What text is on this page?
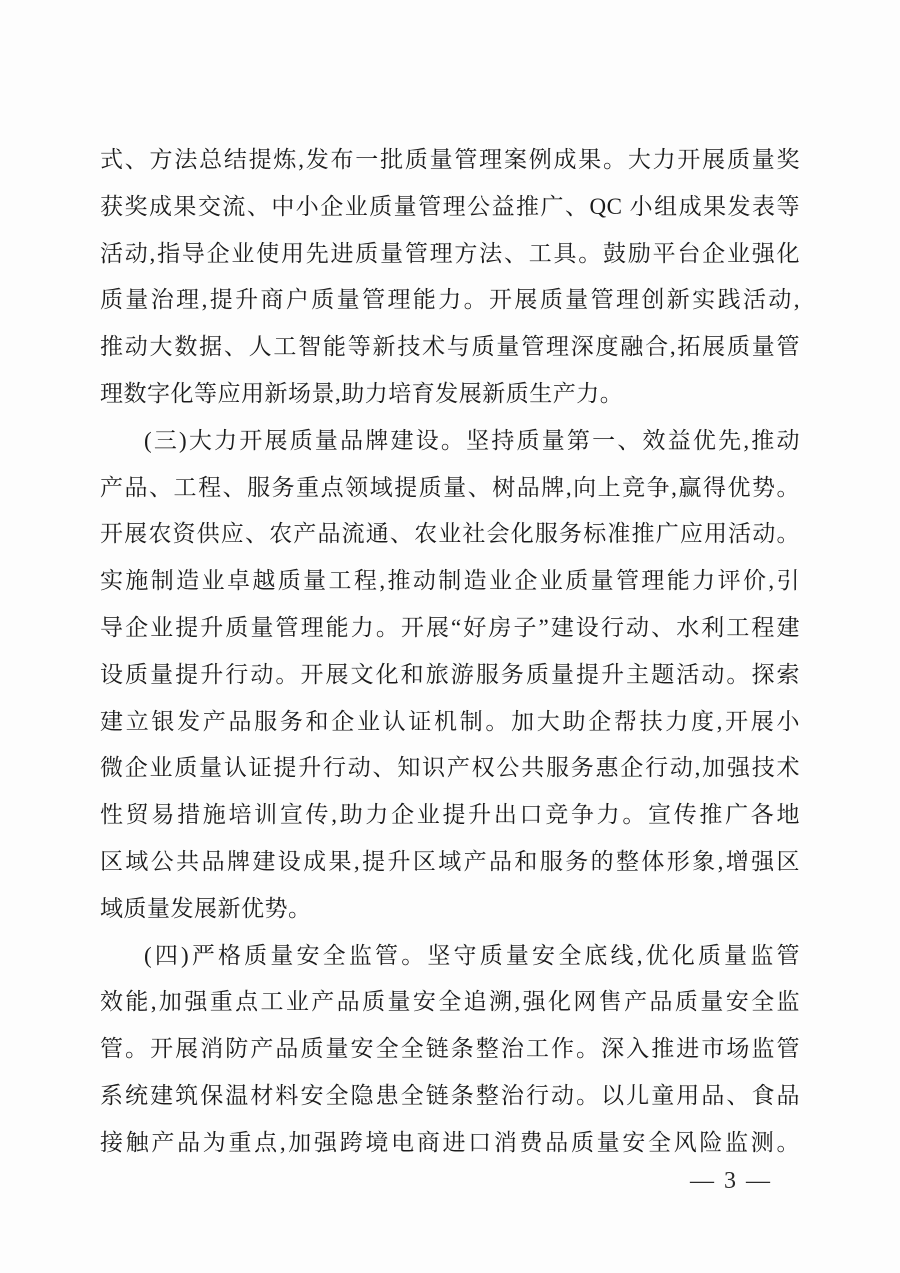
式、方法总结提炼,发布一批质量管理案例成果。大力开展质量奖

获奖成果交流、中小企业质量管理公益推广、QC 小组成果发表等

活动,指导企业使用先进质量管理方法、工具。鼓励平台企业强化

质量治理,提升商户质量管理能力。开展质量管理创新实践活动,

推动大数据、人工智能等新技术与质量管理深度融合,拓展质量管

理数字化等应用新场景,助力培育发展新质生产力。

(三)大力开展质量品牌建设。坚持质量第一、效益优先,推动

产品、工程、服务重点领域提质量、树品牌,向上竞争,赢得优势。

开展农资供应、农产品流通、农业社会化服务标准推广应用活动。

实施制造业卓越质量工程,推动制造业企业质量管理能力评价,引

导企业提升质量管理能力。开展“好房子”建设行动、水利工程建

设质量提升行动。开展文化和旅游服务质量提升主题活动。探索

建立银发产品服务和企业认证机制。加大助企帮扶力度,开展小

微企业质量认证提升行动、知识产权公共服务惠企行动,加强技术

性贸易措施培训宣传,助力企业提升出口竞争力。宣传推广各地

区域公共品牌建设成果,提升区域产品和服务的整体形象,增强区

域质量发展新优势。

(四)严格质量安全监管。坚守质量安全底线,优化质量监管

效能,加强重点工业产品质量安全追溯,强化网售产品质量安全监

管。开展消防产品质量安全全链条整治工作。深入推进市场监管

系统建筑保温材料安全隐患全链条整治行动。以儿童用品、食品

接触产品为重点,加强跨境电商进口消费品质量安全风险监测。

— 3 —
